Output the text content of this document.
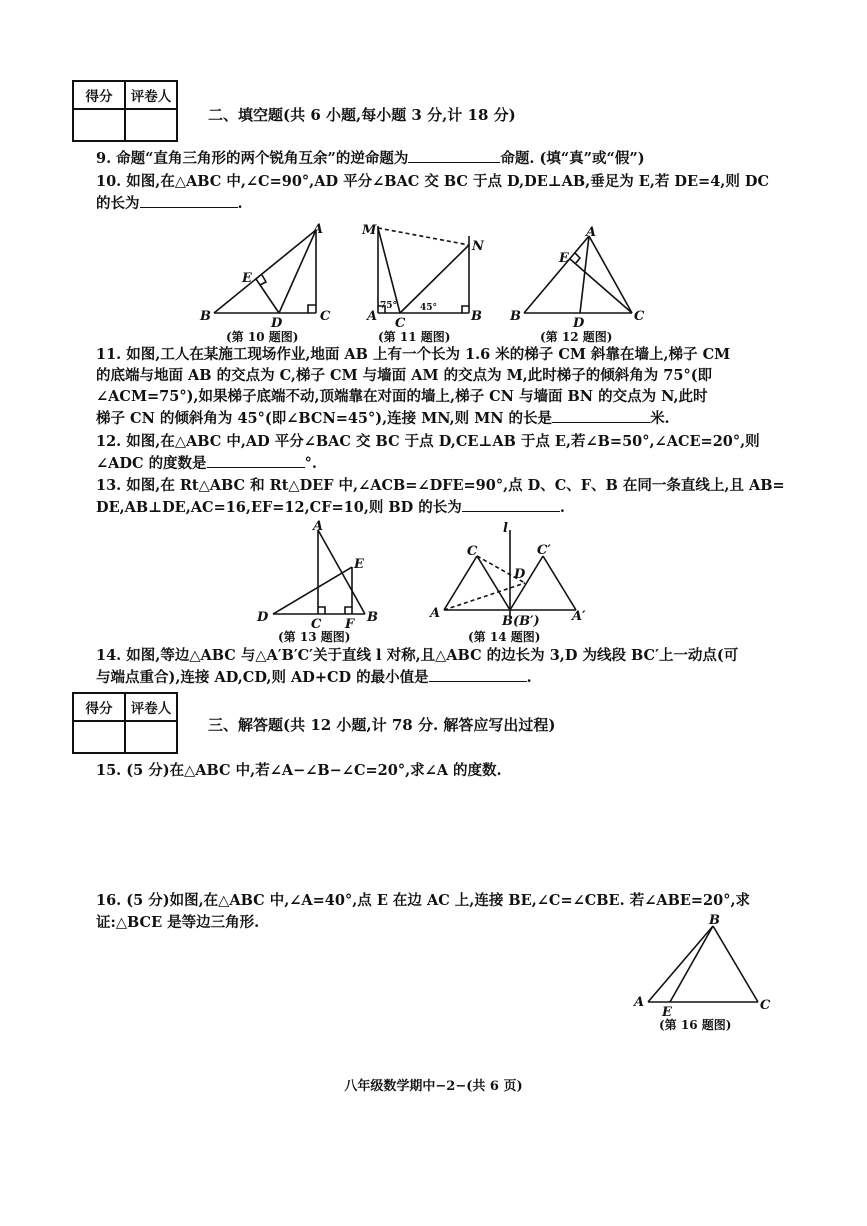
得分	评卷人

二、填空题(共 6 小题,每小题 3 分,计 18 分)
9. 命题“直角三角形的两个锐角互余”的逆命题为	命题. (填“真”或“假”)
10. 如图,在△ABC 中,∠C=90°,AD 平分∠BAC 交 BC 于点 D,DE⊥AB,垂足为 E,若 DE=4,则 DC
的长为	.
A
B	C
D
E
M
N
A	B
C
75°	45°
A
B	C
D
E
A
B
C
D
E
F
l
C	C′
D
A
B(B′) A′
A
B
C
E
(第 10 题图)	(第 11 题图)	(第 12 题图)
11. 如图,工人在某施工现场作业,地面 AB 上有一个长为 1.6 米的梯子 CM 斜靠在墙上,梯子 CM
的底端与地面 AB 的交点为 C,梯子 CM 与墙面 AM 的交点为 M,此时梯子的倾斜角为 75°(即
∠ACM=75°),如果梯子底端不动,顶端靠在对面的墙上,梯子 CN 与墙面 BN 的交点为 N,此时
梯子 CN 的倾斜角为 45°(即∠BCN=45°),连接 MN,则 MN 的长是	米.
12. 如图,在△ABC 中,AD 平分∠BAC 交 BC 于点 D,CE⊥AB 于点 E,若∠B=50°,∠ACE=20°,则
∠ADC 的度数是	°.
13. 如图,在 Rt△ABC 和 Rt△DEF 中,∠ACB=∠DFE=90°,点 D、C、F、B 在同一条直线上,且 AB=
DE,AB⊥DE,AC=16,EF=12,CF=10,则 BD 的长为	.
(第 13 题图)	(第 14 题图)
14. 如图,等边△ABC 与△A′B′C′关于直线 l 对称,且△ABC 的边长为 3,D 为线段 BC′上一动点(可
与端点重合),连接 AD,CD,则 AD+CD 的最小值是	.
得分	评卷人

三、解答题(共 12 小题,计 78 分. 解答应写出过程)
15. (5 分)在△ABC 中,若∠A−∠B−∠C=20°,求∠A 的度数.
16. (5 分)如图,在△ABC 中,∠A=40°,点 E 在边 AC 上,连接 BE,∠C=∠CBE. 若∠ABE=20°,求
证:△BCE 是等边三角形.
(第 16 题图)
八年级数学期中−2−(共 6 页)
